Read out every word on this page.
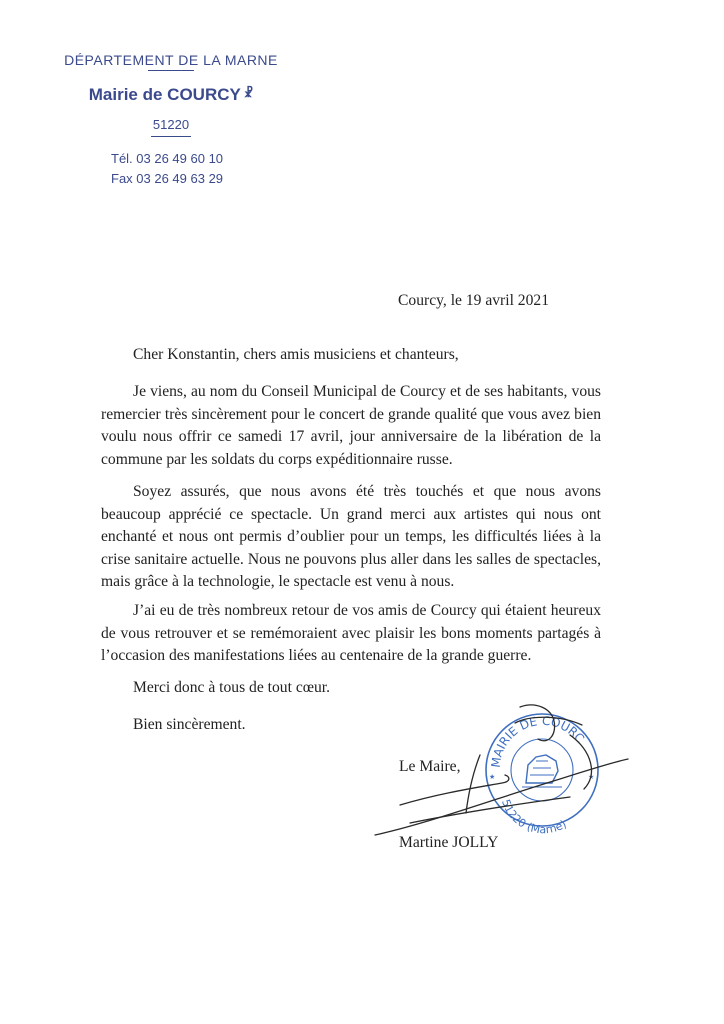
DÉPARTEMENT DE LA MARNE
Mairie de COURCY ☧
51220
Tél. 03 26 49 60 10
Fax 03 26 49 63 29
Courcy, le 19 avril 2021
Cher Konstantin, chers amis musiciens et chanteurs,

Je viens, au nom du Conseil Municipal de Courcy et de ses habitants, vous remercier très sincèrement pour le concert de grande qualité que vous avez bien voulu nous offrir ce samedi 17 avril, jour anniversaire de la libération de la commune par les soldats du corps expéditionnaire russe.

Soyez assurés, que nous avons été très touchés et que nous avons beaucoup apprécié ce spectacle. Un grand merci aux artistes qui nous ont enchanté et nous ont permis d’oublier pour un temps, les difficultés liées à la crise sanitaire actuelle. Nous ne pouvons plus aller dans les salles de spectacles, mais grâce à la technologie, le spectacle est venu à nous.

J’ai eu de très nombreux retour de vos amis de Courcy qui étaient heureux de vous retrouver et se remémoraient avec plaisir les bons moments partagés à l’occasion des manifestations liées au centenaire de la grande guerre.

Merci donc à tous de tout cœur.
Bien sincèrement.
Le Maire,
Martine JOLLY
MAIRIE DE COURCY
51220 (Marne)
★	★
